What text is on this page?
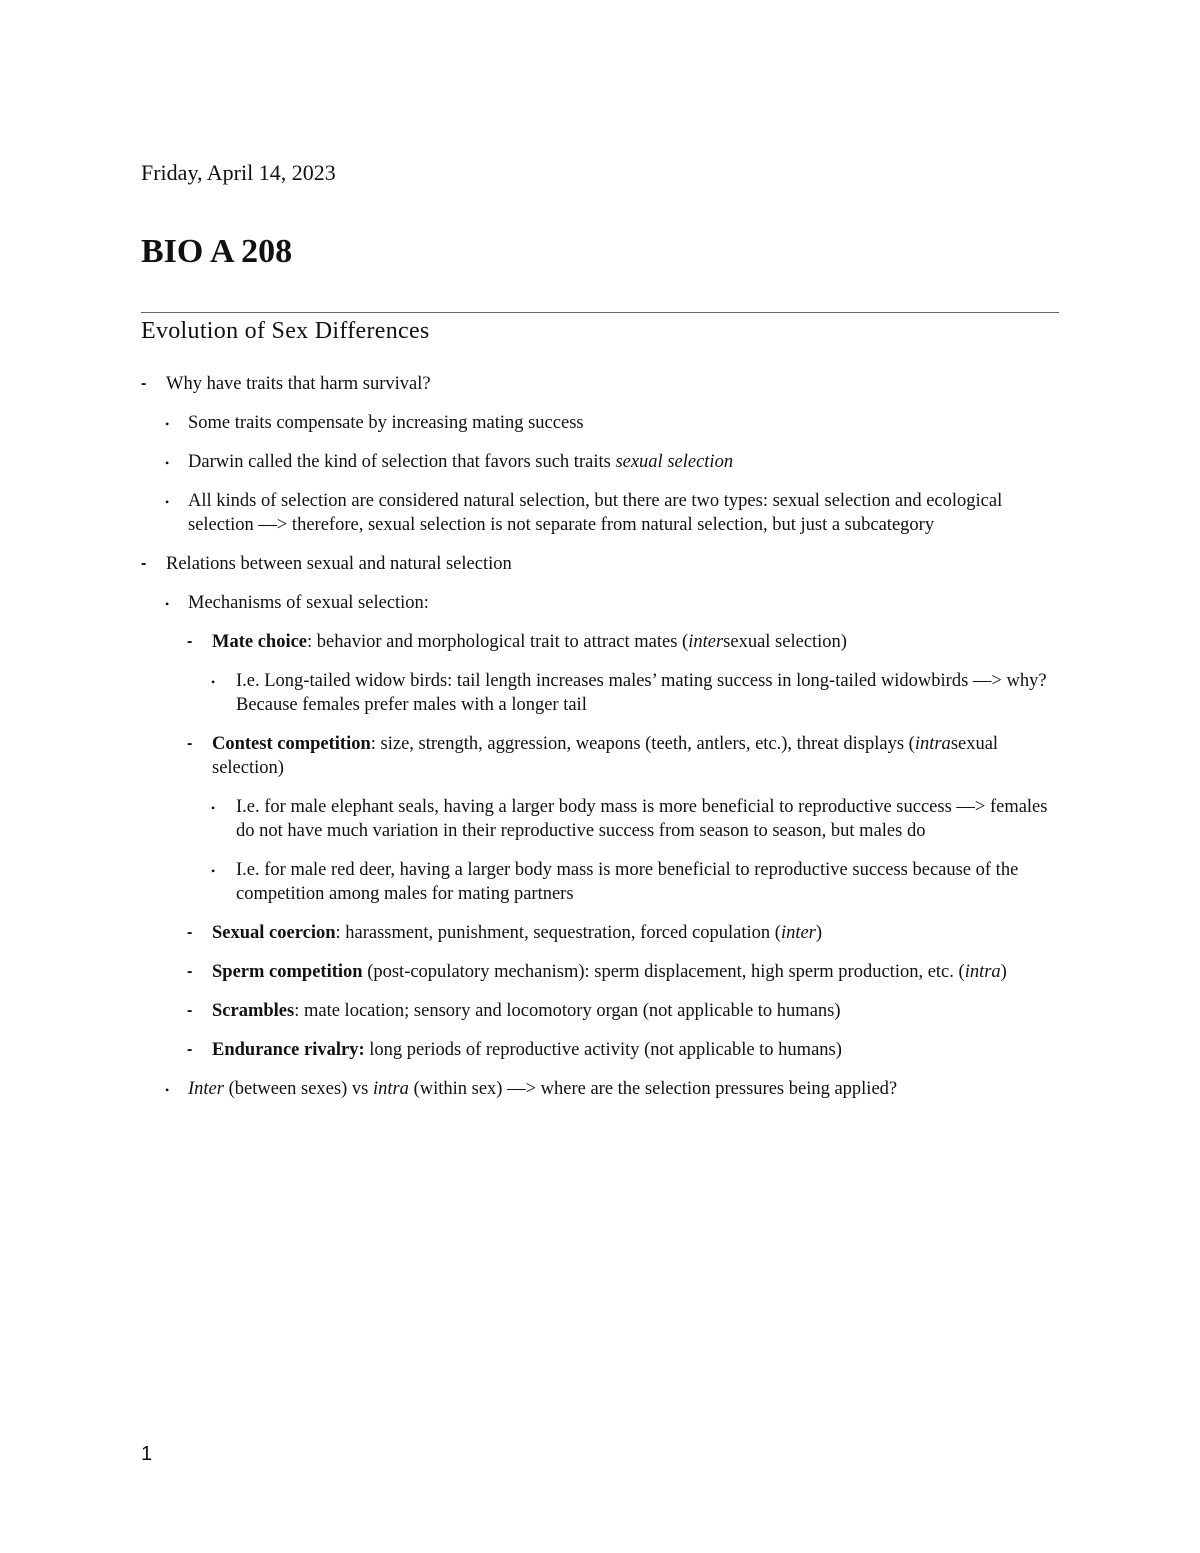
Friday, April 14, 2023
BIO A 208
Evolution of Sex Differences
- Why have traits that harm survival?
• Some traits compensate by increasing mating success
• Darwin called the kind of selection that favors such traits sexual selection
• All kinds of selection are considered natural selection, but there are two types: sexual selection and ecological selection —> therefore, sexual selection is not separate from natural selection, but just a subcategory
- Relations between sexual and natural selection
• Mechanisms of sexual selection:
- Mate choice: behavior and morphological trait to attract mates (intersexual selection)
• I.e. Long-tailed widow birds: tail length increases males’ mating success in long-tailed widowbirds —> why? Because females prefer males with a longer tail
- Contest competition: size, strength, aggression, weapons (teeth, antlers, etc.), threat displays (intrasexual selection)
• I.e. for male elephant seals, having a larger body mass is more beneficial to reproductive success —> females do not have much variation in their reproductive success from season to season, but males do
• I.e. for male red deer, having a larger body mass is more beneficial to reproductive success because of the competition among males for mating partners
- Sexual coercion: harassment, punishment, sequestration, forced copulation (inter)
- Sperm competition (post-copulatory mechanism): sperm displacement, high sperm production, etc. (intra)
- Scrambles: mate location; sensory and locomotory organ (not applicable to humans)
- Endurance rivalry: long periods of reproductive activity (not applicable to humans)
• Inter (between sexes) vs intra (within sex) —> where are the selection pressures being applied?
1
